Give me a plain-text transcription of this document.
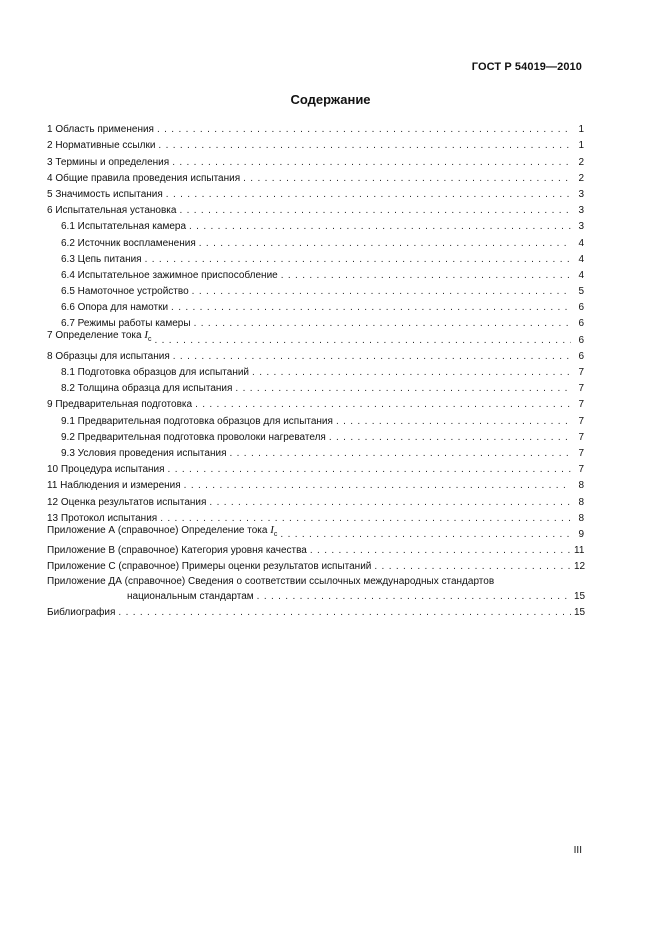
ГОСТ Р 54019—2010
Содержание
1 Область применения . . .	1
2 Нормативные ссылки . . .	1
3 Термины и определения . . .	2
4 Общие правила проведения испытания . . .	2
5 Значимость испытания . . .	3
6 Испытательная установка . . .	3
6.1 Испытательная камера . . .	3
6.2 Источник воспламенения . . .	4
6.3 Цепь питания . . .	4
6.4 Испытательное зажимное приспособление . . .	4
6.5 Намоточное устройство . . .	5
6.6 Опора для намотки . . .	6
6.7 Режимы работы камеры . . .	6
7 Определение тока $I_c$ . . .	6
8 Образцы для испытания . . .	6
8.1 Подготовка образцов для испытаний . . .	7
8.2 Толщина образца для испытания . . .	7
9 Предварительная подготовка . . .	7
9.1 Предварительная подготовка образцов для испытания . . .	7
9.2 Предварительная подготовка проволоки нагревателя . . .	7
9.3 Условия проведения испытания . . .	7
10 Процедура испытания . . .	7
11 Наблюдения и измерения . . .	8
12 Оценка результатов испытания . . .	8
13 Протокол испытания . . .	8
Приложение А (справочное) Определение тока $I_c$ . . .	9
Приложение В (справочное) Категория уровня качества . . .	11
Приложение С (справочное) Примеры оценки результатов испытаний . . .	12
Приложение ДА (справочное) Сведения о соответствии ссылочных международных стандартов
национальным стандартам . . .	15
Библиография . . .	15
III
